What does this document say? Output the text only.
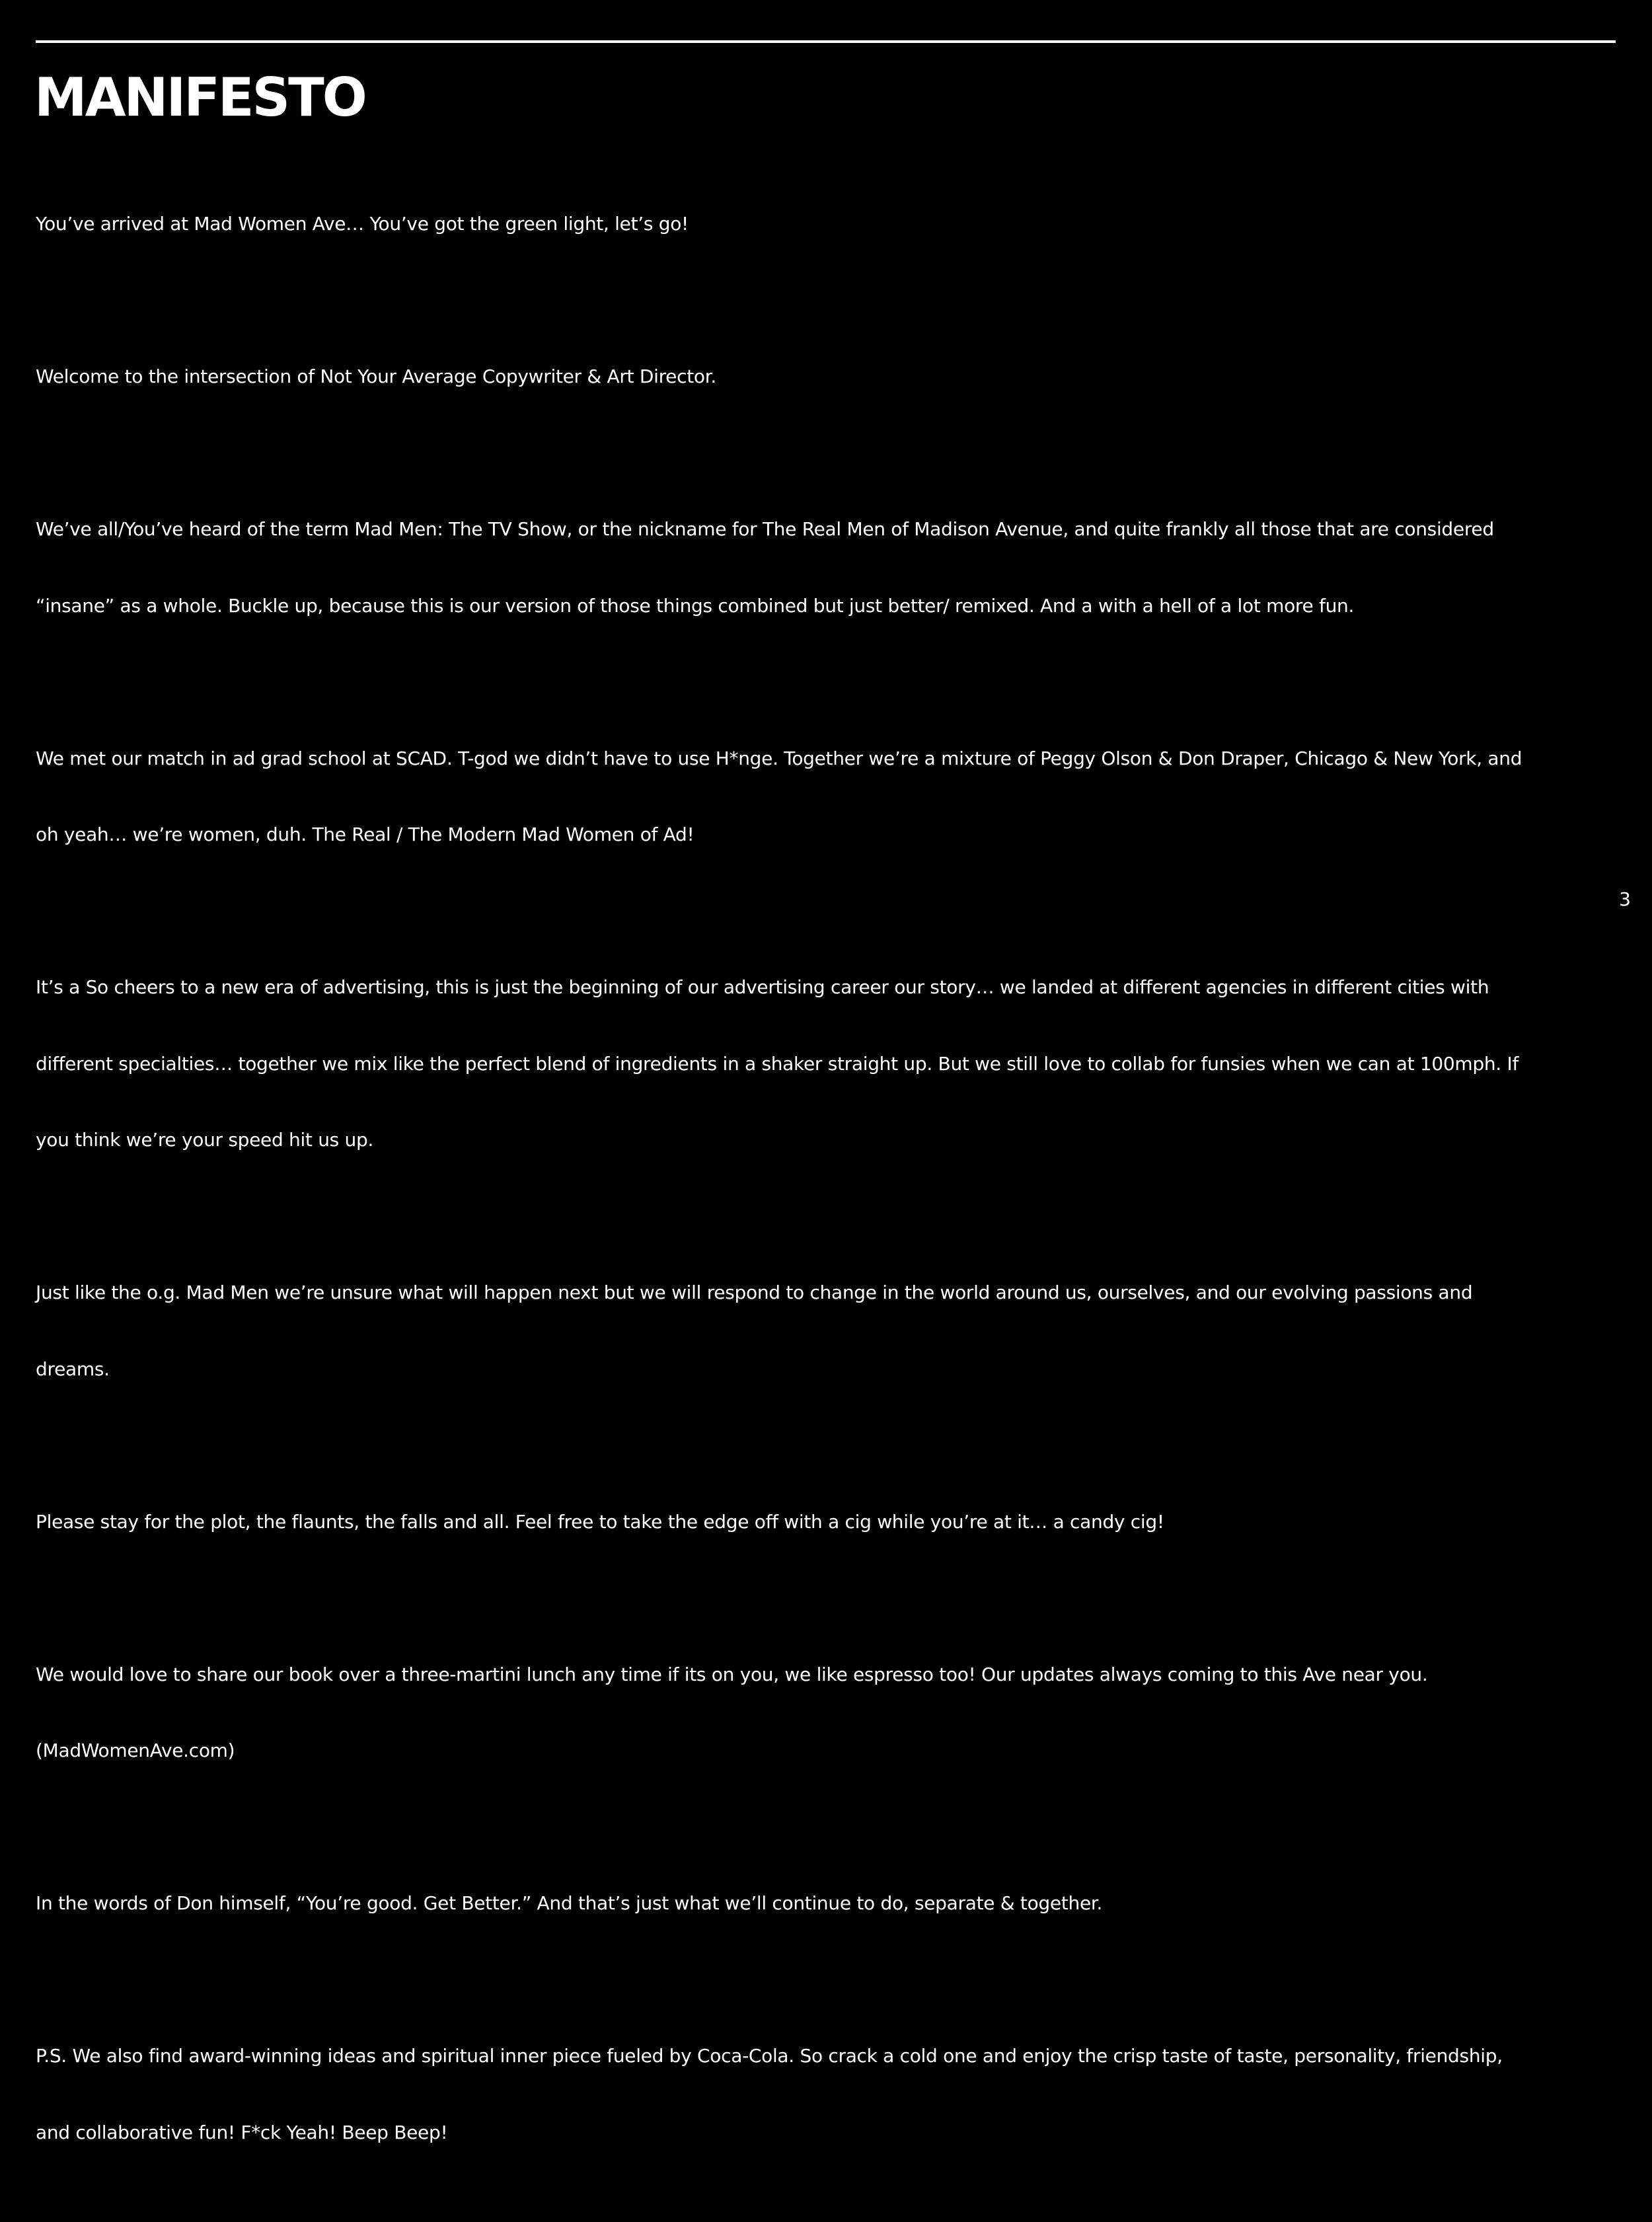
MANIFESTO

You’ve arrived at Mad Women Ave… You’ve got the green light, let’s go!

Welcome to the intersection of Not Your Average Copywriter & Art Director.

We’ve all/You’ve heard of the term Mad Men: The TV Show, or the nickname for The Real Men of Madison Avenue, and quite frankly all those that are considered

“insane” as a whole. Buckle up, because this is our version of those things combined but just better/ remixed. And a with a hell of a lot more fun.

We met our match in ad grad school at SCAD. T-god we didn’t have to use H*nge. Together we’re a mixture of Peggy Olson & Don Draper, Chicago & New York, and

oh yeah… we’re women, duh. The Real / The Modern Mad Women of Ad!

It’s a So cheers to a new era of advertising, this is just the beginning of our advertising career our story… we landed at different agencies in different cities with

different specialties… together we mix like the perfect blend of ingredients in a shaker straight up. But we still love to collab for funsies when we can at 100mph. If

you think we’re your speed hit us up.

Just like the o.g. Mad Men we’re unsure what will happen next but we will respond to change in the world around us, ourselves, and our evolving passions and

dreams.

Please stay for the plot, the flaunts, the falls and all. Feel free to take the edge off with a cig while you’re at it… a candy cig!

We would love to share our book over a three-martini lunch any time if its on you, we like espresso too! Our updates always coming to this Ave near you.

(MadWomenAve.com)

In the words of Don himself, “You’re good. Get Better.” And that’s just what we’ll continue to do, separate & together.

P.S. We also find award-winning ideas and spiritual inner piece fueled by Coca-Cola. So crack a cold one and enjoy the crisp taste of taste, personality, friendship,

and collaborative fun! F*ck Yeah! Beep Beep!

3
